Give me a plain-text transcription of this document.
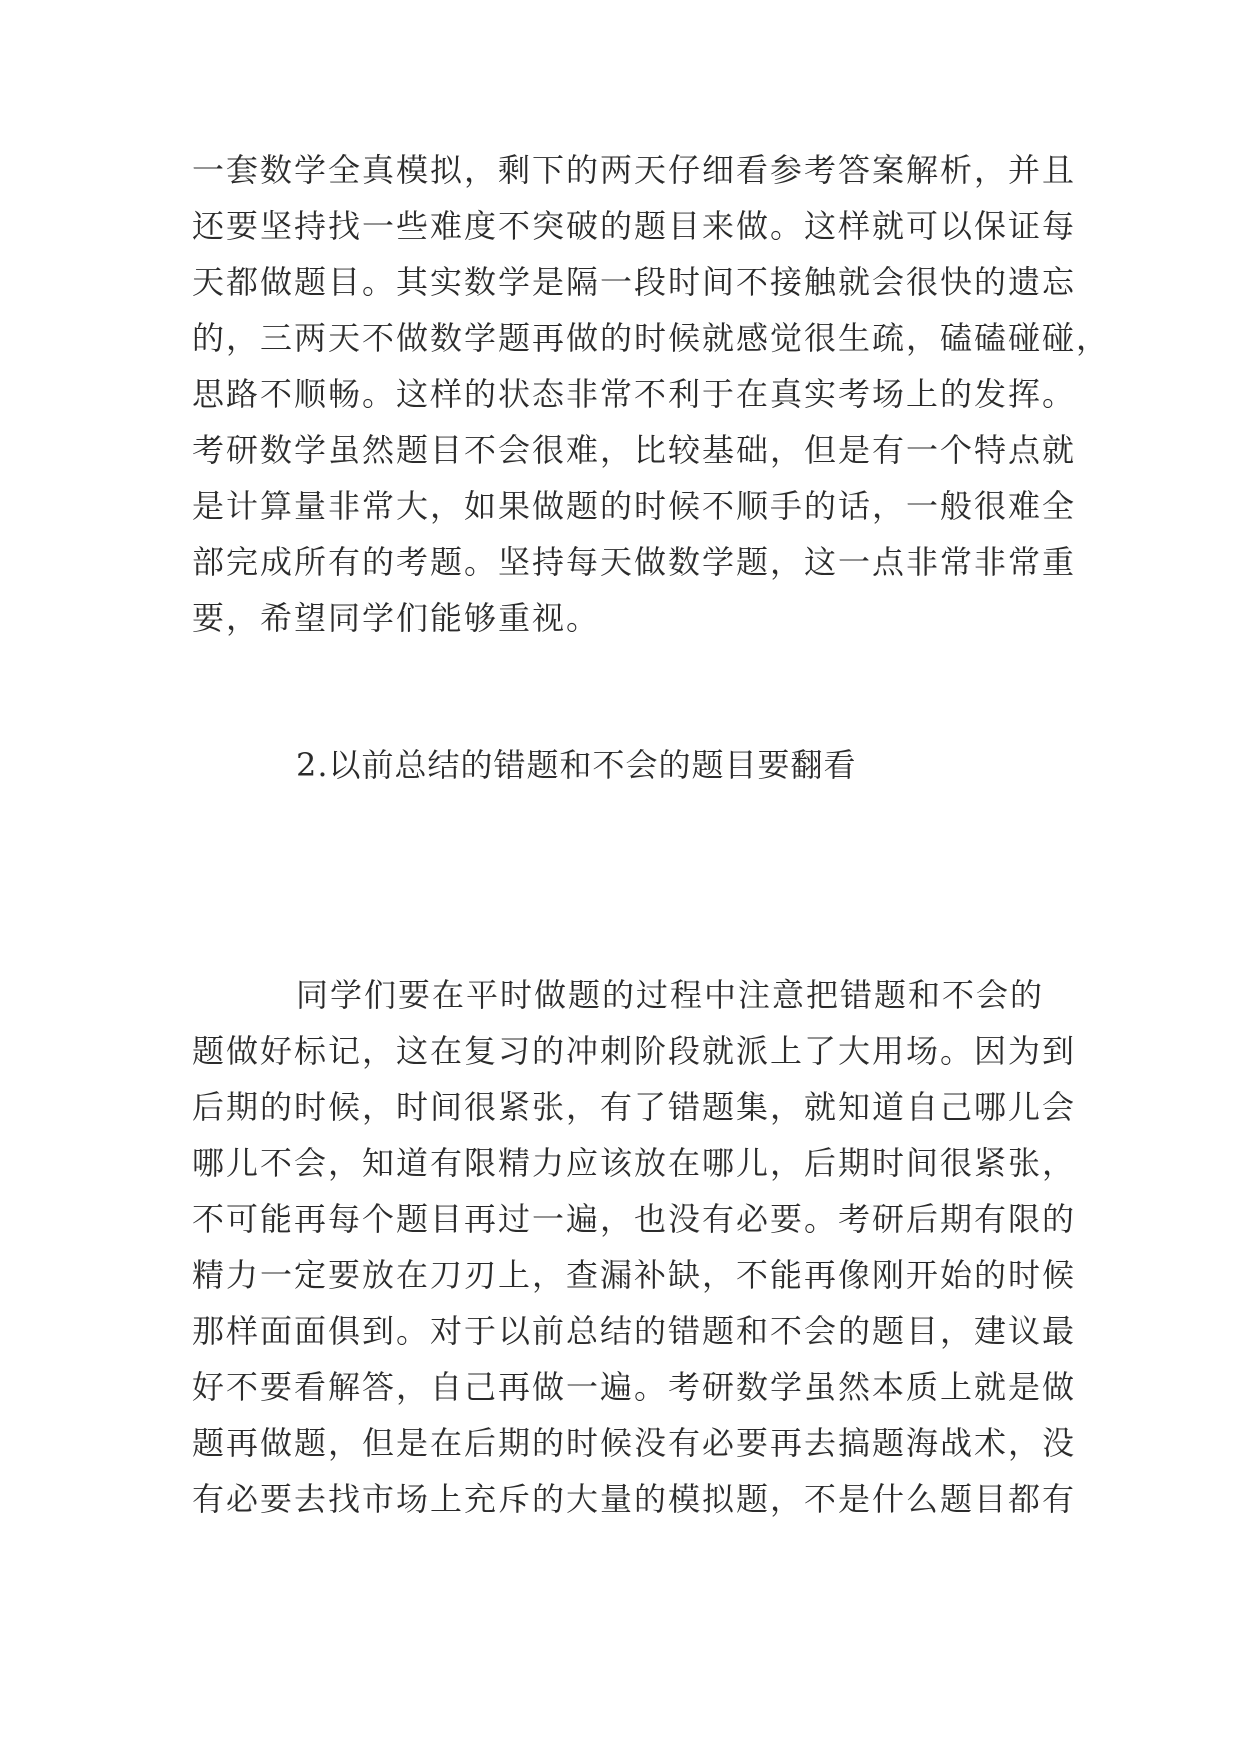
一套数学全真模拟，剩下的两天仔细看参考答案解析，并且

还要坚持找一些难度不突破的题目来做。这样就可以保证每

天都做题目。其实数学是隔一段时间不接触就会很快的遗忘

的，三两天不做数学题再做的时候就感觉很生疏，磕磕碰碰，

思路不顺畅。这样的状态非常不利于在真实考场上的发挥。

考研数学虽然题目不会很难，比较基础，但是有一个特点就

是计算量非常大，如果做题的时候不顺手的话，一般很难全

部完成所有的考题。坚持每天做数学题，这一点非常非常重

要，希望同学们能够重视。

2.以前总结的错题和不会的题目要翻看

同学们要在平时做题的过程中注意把错题和不会的

题做好标记，这在复习的冲刺阶段就派上了大用场。因为到

后期的时候，时间很紧张，有了错题集，就知道自己哪儿会

哪儿不会，知道有限精力应该放在哪儿，后期时间很紧张，

不可能再每个题目再过一遍，也没有必要。考研后期有限的

精力一定要放在刀刃上，查漏补缺，不能再像刚开始的时候

那样面面俱到。对于以前总结的错题和不会的题目，建议最

好不要看解答，自己再做一遍。考研数学虽然本质上就是做

题再做题，但是在后期的时候没有必要再去搞题海战术，没

有必要去找市场上充斥的大量的模拟题，不是什么题目都有
